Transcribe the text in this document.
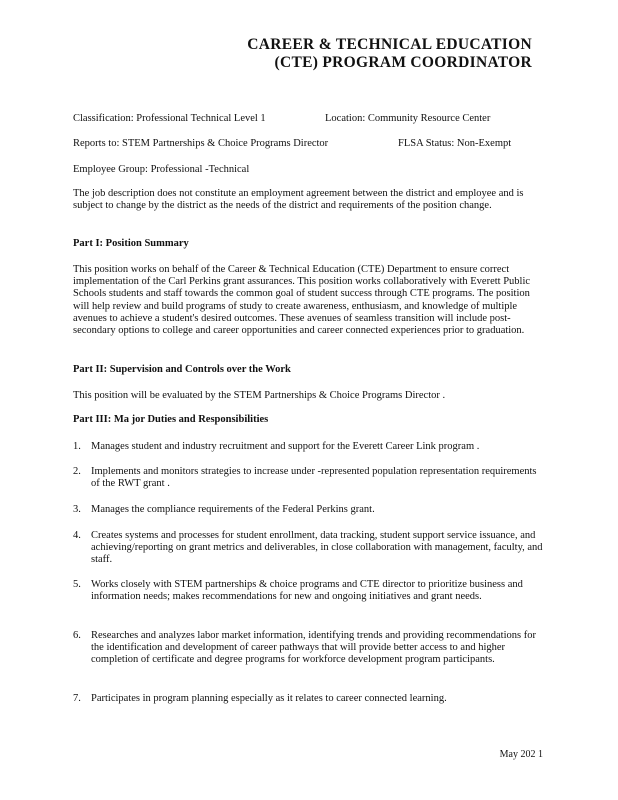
CAREER & TECHNICAL EDUCATION
(CTE) PROGRAM COORDINATOR
Classification: Professional Technical Level 1	Location: Community Resource Center
Reports to: STEM Partnerships & Choice Programs Director	FLSA Status: Non-Exempt
Employee Group: Professional -Technical

The job description does not constitute an employment agreement between the district and employee and is subject to change by the district as the needs of the district and requirements of the position change.

Part I: Position Summary

This position works on behalf of the Career & Technical Education (CTE) Department to ensure correct implementation of the Carl Perkins grant assurances. This position works collaboratively with Everett Public Schools students and staff towards the common goal of student success through CTE programs. The position will help review and build programs of study to create awareness, enthusiasm, and knowledge of multiple avenues to achieve a student's desired outcomes. These avenues of seamless transition will include post-secondary options to college and career opportunities and career connected experiences prior to graduation.

Part II: Supervision and Controls over the Work

This position will be evaluated by the STEM Partnerships & Choice Programs Director .

Part III: Ma jor Duties and Responsibilities
1. Manages student and industry recruitment and support for the Everett Career Link program .
2. Implements and monitors strategies to increase under -represented population representation requirements of the RWT grant .
3. Manages the compliance requirements of the Federal Perkins grant.
4. Creates systems and processes for student enrollment, data tracking, student support service issuance, and achieving/reporting on grant metrics and deliverables, in close collaboration with management, faculty, and staff.
5. Works closely with STEM partnerships & choice programs and CTE director to prioritize business and information needs; makes recommendations for new and ongoing initiatives and grant needs.
6. Researches and analyzes labor market information, identifying trends and providing recommendations for the identification and development of career pathways that will provide better access to and higher completion of certificate and degree programs for workforce development program participants.
7. Participates in program planning especially as it relates to career connected learning.
May 202 1
